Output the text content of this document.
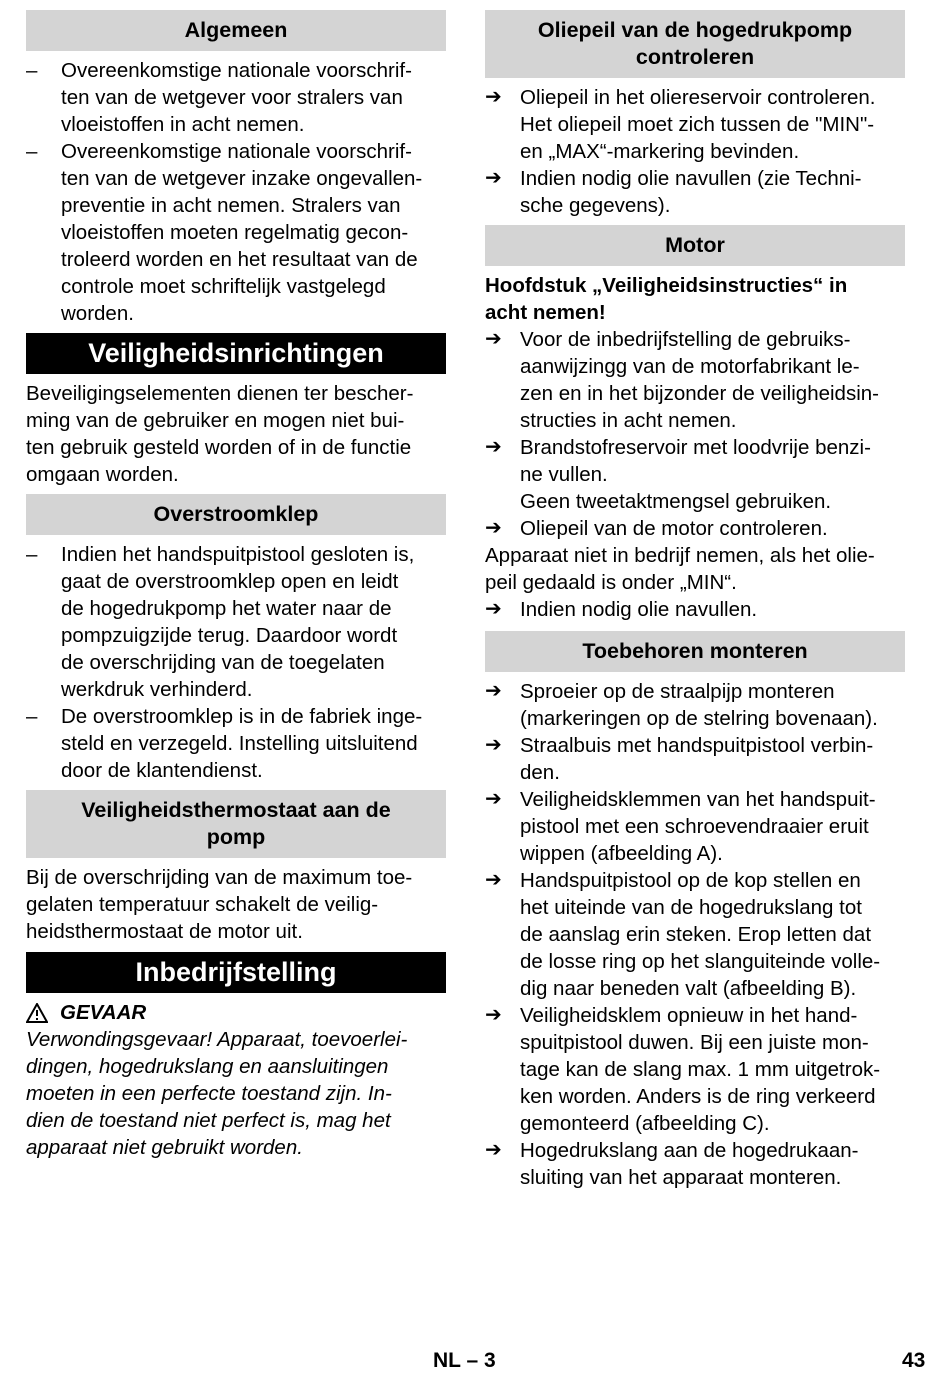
Algemeen
–	Overeenkomstige nationale voorschrif-
ten van de wetgever voor stralers van
vloeistoffen in acht nemen.
–	Overeenkomstige nationale voorschrif-
ten van de wetgever inzake ongevallen-
preventie in acht nemen. Stralers van
vloeistoffen moeten regelmatig gecon-
troleerd worden en het resultaat van de
controle moet schriftelijk vastgelegd
worden.
Veiligheidsinrichtingen
Beveiligingselementen dienen ter bescher-
ming van de gebruiker en mogen niet bui-
ten gebruik gesteld worden of in de functie
omgaan worden.
Overstroomklep
–	Indien het handspuitpistool gesloten is,
gaat de overstroomklep open en leidt
de hogedrukpomp het water naar de
pompzuigzijde terug. Daardoor wordt
de overschrijding van de toegelaten
werkdruk verhinderd.
–	De overstroomklep is in de fabriek inge-
steld en verzegeld. Instelling uitsluitend
door de klantendienst.
Veiligheidsthermostaat aan de
pomp
Bij de overschrijding van de maximum toe-
gelaten temperatuur schakelt de veilig-
heidsthermostaat de motor uit.
Inbedrijfstelling
GEVAAR
Verwondingsgevaar! Apparaat, toevoerlei-
dingen, hogedrukslang en aansluitingen
moeten in een perfecte toestand zijn. In-
dien de toestand niet perfect is, mag het
apparaat niet gebruikt worden.
Oliepeil van de hogedrukpomp
controleren
➔ Oliepeil in het oliereservoir controleren.
Het oliepeil moet zich tussen de "MIN"-
en „MAX“-markering bevinden.
➔ Indien nodig olie navullen (zie Techni-
sche gegevens).
Motor
Hoofdstuk „Veiligheidsinstructies“ in
acht nemen!
➔ Voor de inbedrijfstelling de gebruiks-
aanwijzingg van de motorfabrikant le-
zen en in het bijzonder de veiligheidsin-
structies in acht nemen.
➔ Brandstofreservoir met loodvrije benzi-
ne vullen.
Geen tweetaktmengsel gebruiken.
➔ Oliepeil van de motor controleren.
Apparaat niet in bedrijf nemen, als het olie-
peil gedaald is onder „MIN“.
➔ Indien nodig olie navullen.
Toebehoren monteren
➔ Sproeier op de straalpijp monteren
(markeringen op de stelring bovenaan).
➔ Straalbuis met handspuitpistool verbin-
den.
➔ Veiligheidsklemmen van het handspuit-
pistool met een schroevendraaier eruit
wippen (afbeelding A).
➔ Handspuitpistool op de kop stellen en
het uiteinde van de hogedrukslang tot
de aanslag erin steken. Erop letten dat
de losse ring op het slanguiteinde volle-
dig naar beneden valt (afbeelding B).
➔ Veiligheidsklem opnieuw in het hand-
spuitpistool duwen. Bij een juiste mon-
tage kan de slang max. 1 mm uitgetrok-
ken worden. Anders is de ring verkeerd
gemonteerd (afbeelding C).
➔ Hogedrukslang aan de hogedrukaan-
sluiting van het apparaat monteren.
NL – 3	43
